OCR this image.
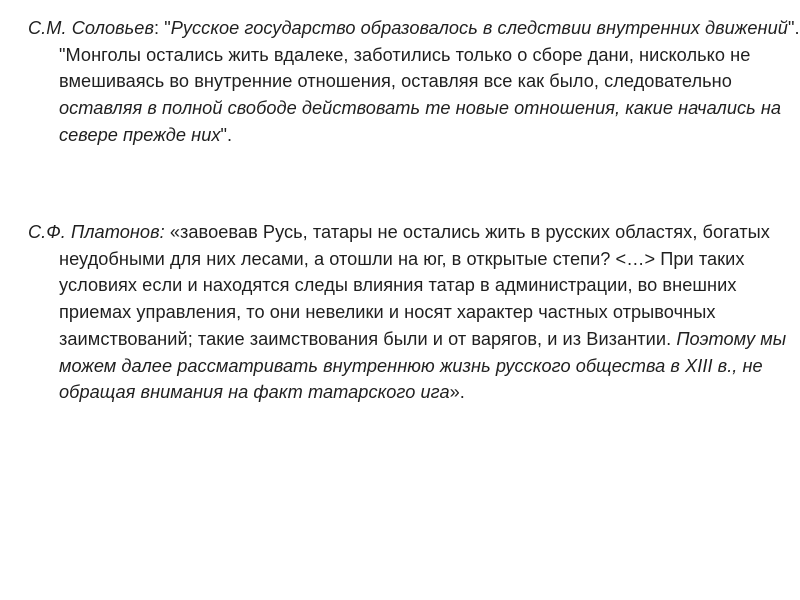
С.М. Соловьев: "Русское государство образовалось в следствии внутренних движений". "Монголы остались жить вдалеке, заботились только о сборе дани, нисколько не вмешиваясь во внутренние отношения, оставляя все как было, следовательно оставляя в полной свободе действовать те новые отношения, какие начались на севере прежде них".

С.Ф. Платонов: «завоевав Русь, татары не остались жить в русских областях, богатых неудобными для них лесами, а отошли на юг, в открытые степи? <…> При таких условиях если и находятся следы влияния татар в администрации, во внешних приемах управления, то они невелики и носят характер частных отрывочных заимствований; такие заимствования были и от варягов, и из Византии. Поэтому мы можем далее рассматривать внутреннюю жизнь русского общества в XIII в., не обращая внимания на факт татарского ига».
